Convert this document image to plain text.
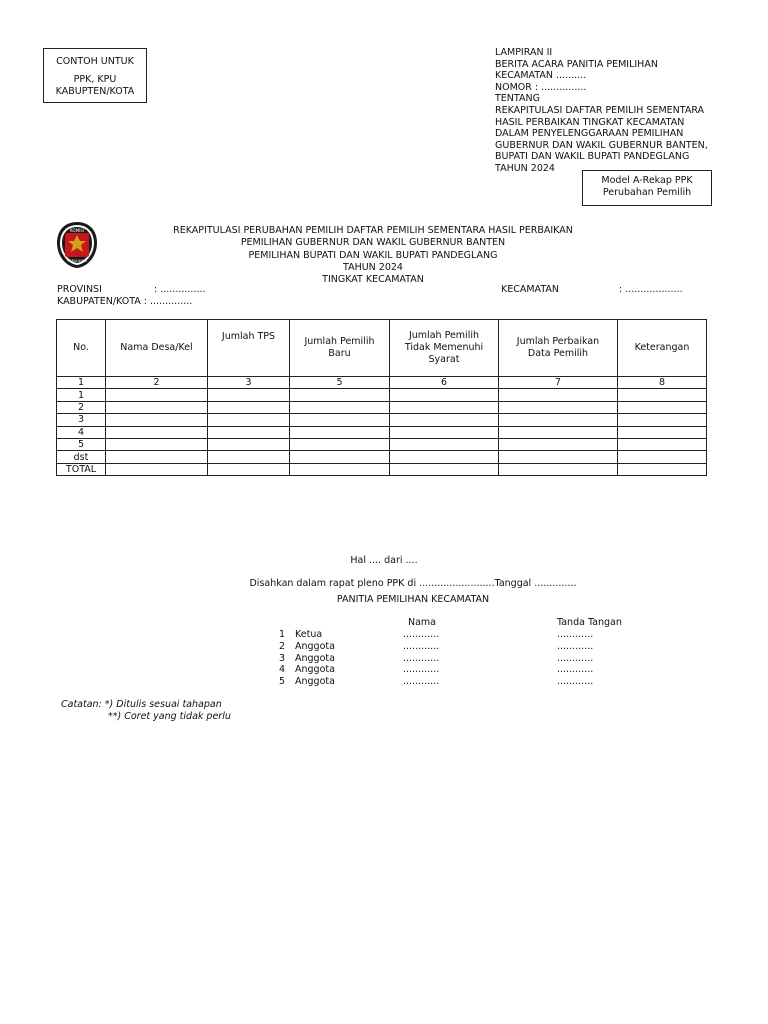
CONTOH UNTUK
PPK, KPU
KABUPTEN/KOTA
LAMPIRAN II
BERITA ACARA PANITIA PEMILIHAN
KECAMATAN ..........
NOMOR : ...............
TENTANG
REKAPITULASI DAFTAR PEMILIH SEMENTARA
HASIL PERBAIKAN TINGKAT KECAMATAN
DALAM PENYELENGGARAAN PEMILIHAN
GUBERNUR DAN WAKIL GUBERNUR BANTEN,
BUPATI DAN WAKIL BUPATI PANDEGLANG
TAHUN 2024
Model A-Rekap PPK
Perubahan Pemilih
KOMISI
PEMILIHAN
REKAPITULASI PERUBAHAN PEMILIH DAFTAR PEMILIH SEMENTARA HASIL PERBAIKAN
PEMILIHAN GUBERNUR DAN WAKIL GUBERNUR BANTEN
PEMILIHAN BUPATI DAN WAKIL BUPATI PANDEGLANG
TAHUN 2024
TINGKAT KECAMATAN
PROVINSI	: ...............
KABUPATEN/KOTA : ..............
KECAMATAN	: ...................
No.	Nama Desa/Kel	Jumlah TPS	Jumlah Pemilih Baru	Jumlah Pemilih Tidak Memenuhi Syarat	Jumlah Perbaikan Data Pemilih	Keterangan
1	2	3	5	6	7	8
1						
2						
3						
4						
5						
dst						
TOTAL						
Hal .... dari ....
Disahkan dalam rapat pleno PPK di .........................Tanggal ..............
PANITIA PEMILIHAN KECAMATAN
Nama	Tanda Tangan
1 Ketua	............	............
2 Anggota	............	............
3 Anggota	............	............
4 Anggota	............	............
5 Anggota	............	............
Catatan: *) Ditulis sesuai tahapan
**) Coret yang tidak perlu
